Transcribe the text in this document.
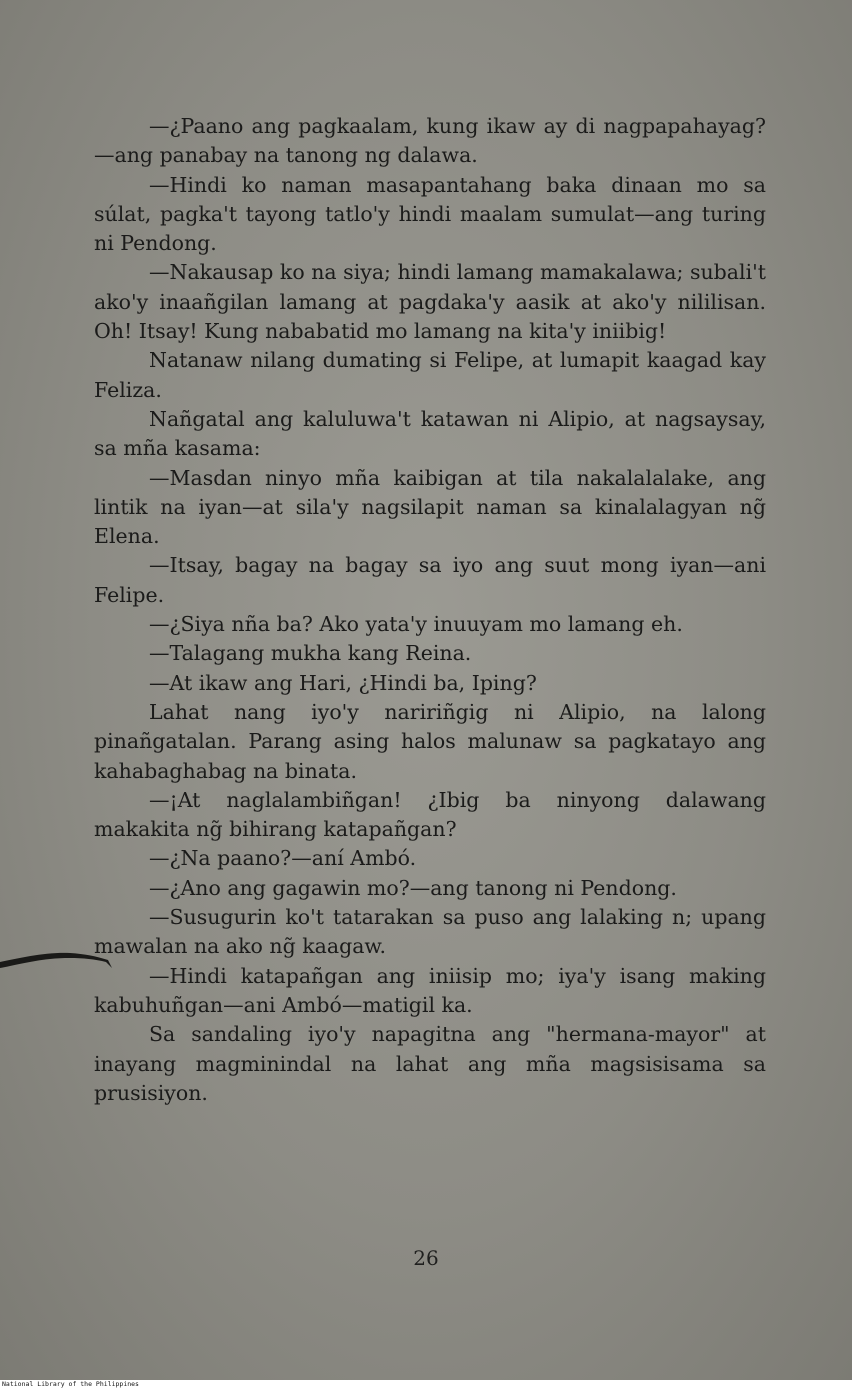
—¿Paano ang pagkaalam, kung ikaw ay di nagpapahayag?—ang panabay na tanong ng dalawa.

—Hindi ko naman masapantahang baka dinaan mo sa súlat, pagka't tayong tatlo'y hindi maalam sumulat—ang turing ni Pendong.

—Nakausap ko na siya; hindi lamang mamakalawa; subali't ako'y inaañgilan lamang at pagdaka'y aasik at ako'y nililisan. Oh! Itsay! Kung nababatid mo lamang na kita'y iniibig!

Natanaw nilang dumating si Felipe, at lumapit kaagad kay Feliza.

Nañgatal ang kaluluwa't katawan ni Alipio, at nagsaysay, sa mña kasama:

—Masdan ninyo mña kaibigan at tila nakalalalake, ang lintik na iyan—at sila'y nagsilapit naman sa kinalalagyan ng̃ Elena.

—Itsay, bagay na bagay sa iyo ang suut mong iyan—ani Felipe.

—¿Siya nña ba? Ako yata'y inuuyam mo lamang eh.

—Talagang mukha kang Reina.

—At ikaw ang Hari, ¿Hindi ba, Iping?

Lahat nang iyo'y naririñgig ni Alipio, na lalong pinañgatalan. Parang asing halos malunaw sa pagkatayo ang kahabaghabag na binata.

—¡At naglalambiñgan! ¿Ibig ba ninyong dalawang makakita ng̃ bihirang katapañgan?

—¿Na paano?—aní Ambó.

—¿Ano ang gagawin mo?—ang tanong ni Pendong.

—Susugurin ko't tatarakan sa puso ang lalaking n; upang mawalan na ako ng̃ kaagaw.

—Hindi katapañgan ang iniisip mo; iya'y isang making kabuhuñgan—ani Ambó—matigil ka.

Sa sandaling iyo'y napagitna ang "hermana-mayor" at inayang magminindal na lahat ang mña magsisisama sa prusisiyon.

26
National Library of the Philippines
